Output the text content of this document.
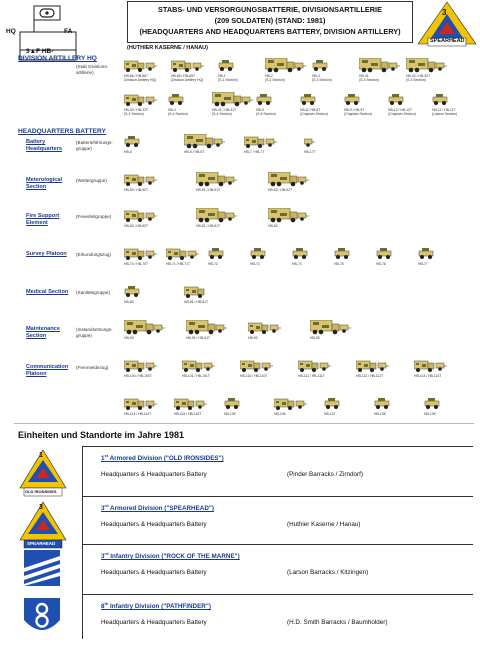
HQ	FA
3▲F HB-
STABS- UND VERSORGUNGSBATTERIE, DIVISIONSARTILLERIE
(209 SOLDATEN) (STAND: 1981)
(HEADQUARTERS AND HEADQUARTERS BATTERY, DIVISION ARTILLERY)
3
SPEARHEAD
(HUTHIER KASERNE / HANAU)
DIVISION ARTILLERY HQ
(Stab Divisions-artillerie)
HEADQUARTERS BATTERY
Battery Headquarters
(Batterieführungs-gruppe)
Meterological Section
(Wettergruppe)
Fire Support Element
(Feuerleitgruppe)
Survey Platoon	(Erkundungszug)
Medical Section	(Sanitätsgruppe)
Maintenance Section
(Instandsetzungs-gruppe)
Communication Platoon
(Fernmeldezug)
HB-66 / HB-667
(Division Artillery HQ)
HB-65 / HB-657
(Division Artillery HQ)
HB-1
(S-1 Section)
HB-2
(S-2 Section)
HB-3
(S-3 Section)
HB-31
(S-3 Section)
HB-32 / HB-32T
(S-3 Section)
HB-33 / HB-33T
(S-3 Section)
HB-4
(S-4 Section)
HB-41 / HB-41T
(S-4 Section)
HB-5
(S-5 Section)
HB-8 / HB-8T
(Chaplain Section)
HB-9 / HB-9T
(Chaplain Section)
HB-10 / HB-10T
(Chaplain Section)
HB-11 / HB-11T
(Liaison Section)
HB-6	HB-5 / HB-5T	HB-7 / HB-7T	HB-17T
HB-50 / HB-50T	HB-51 / HB-51T	HB-52 / HB-52T
HB-60 / HB-60T	HB-61 / HB-61T	HB-62
HB-70 / HB-70T	HB-71 / HB-71T	HB-72	HB-73	HB-74	HB-75	HB-76	HB-77
HB-80	HB-81 / HB-81T
HB-90	HB-91 / HB-91T	HB-92	HB-95
HB-100 / HB-100T	HB-101 / HB-101T	HB-110 / HB-110T	HB-111 / HB-111T	HB-112 / HB-112T	HB-113 / HB-113T
HB-114 / HB-114T	HB-115 / HB-115T	HB-105	HB-106	HB-107	HB-108	HB-109
Einheiten und Standorte im Jahre 1981
1
OLD IRONSIDES
3
SPEARHEAD
1st Armored Division ("OLD IRONSIDES")
Headquarters & Headquarters Battery	(Pinder Barracks / Zirndorf)
3rd Armored Division ("SPEARHEAD")
Headquarters & Headquarters Battery	(Huthier Kaserne / Hanau)
3rd Infantry Division ("ROCK OF THE MARNE")
Headquarters & Headquarters Battery	(Larson Barracks / Kitzingen)
8th Infantry Division ("PATHFINDER")
Headquarters & Headquarters Battery	(H.D. Smith Barracks / Baumholder)
